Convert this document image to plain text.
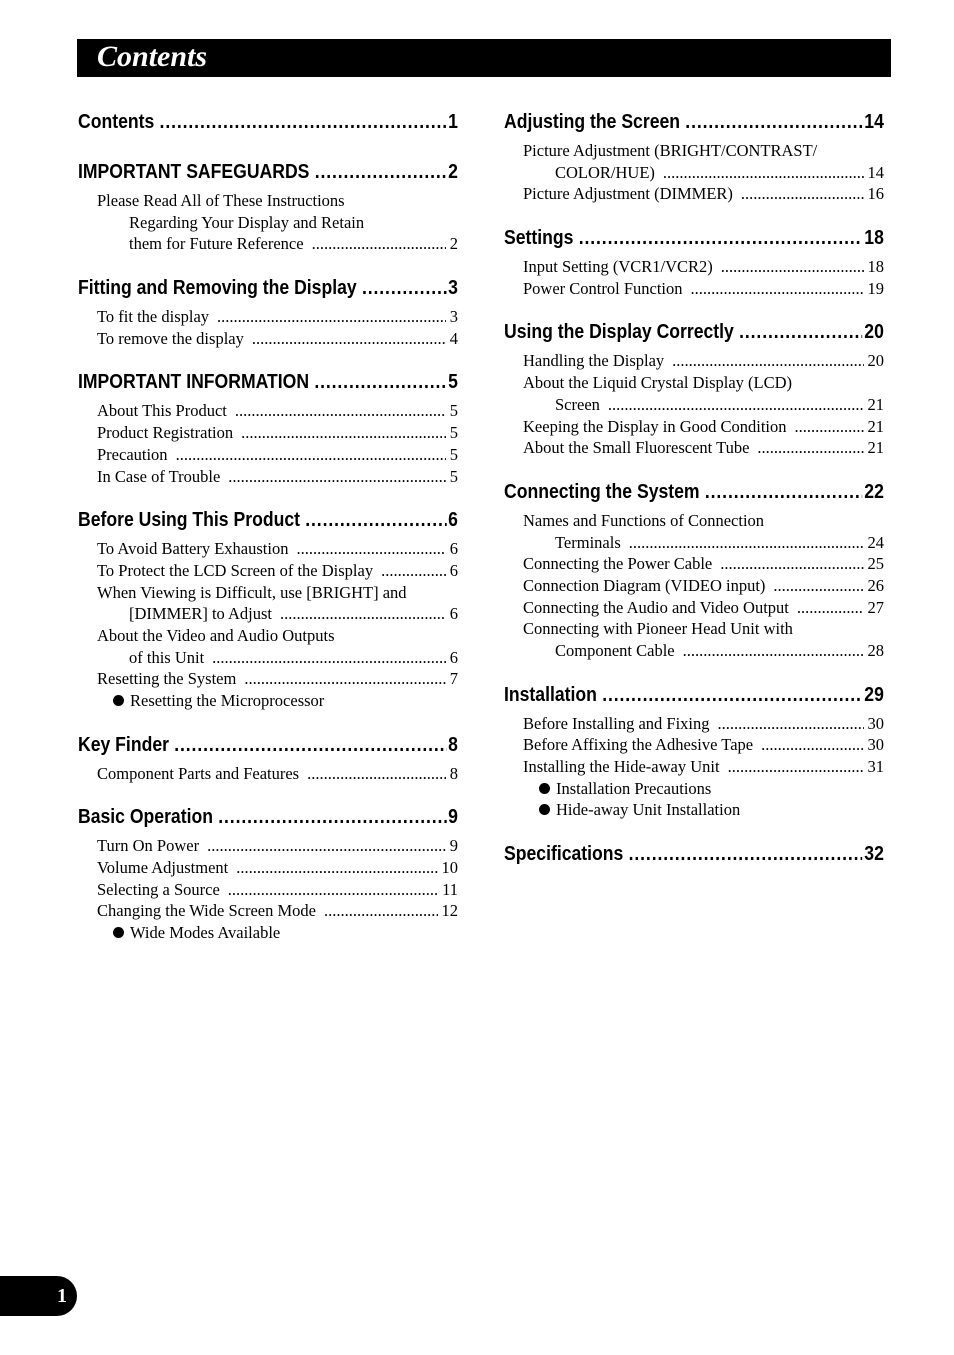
Contents
Contents .....	1
IMPORTANT SAFEGUARDS .....	2
Please Read All of These Instructions
Regarding Your Display and Retain
them for Future Reference .....	2
Fitting and Removing the Display .....	3
To fit the display .....	3
To remove the display .....	4
IMPORTANT INFORMATION .....	5
About This Product .....	5
Product Registration .....	5
Precaution .....	5
In Case of Trouble .....	5
Before Using This Product .....	6
To Avoid Battery Exhaustion .....	6
To Protect the LCD Screen of the Display .....	6
When Viewing is Difficult, use [BRIGHT] and
[DIMMER] to Adjust .....	6
About the Video and Audio Outputs
of this Unit .....	6
Resetting the System .....	7
Resetting the Microprocessor
Key Finder .....	8
Component Parts and Features .....	8
Basic Operation .....	9
Turn On Power .....	9
Volume Adjustment .....	10
Selecting a Source .....	11
Changing the Wide Screen Mode .....	12
Wide Modes Available
Adjusting the Screen .....	14
Picture Adjustment (BRIGHT/CONTRAST/
COLOR/HUE) .....	14
Picture Adjustment (DIMMER) .....	16
Settings .....	18
Input Setting (VCR1/VCR2) .....	18
Power Control Function .....	19
Using the Display Correctly .....	20
Handling the Display .....	20
About the Liquid Crystal Display (LCD)
Screen .....	21
Keeping the Display in Good Condition .....	21
About the Small Fluorescent Tube .....	21
Connecting the System .....	22
Names and Functions of Connection
Terminals .....	24
Connecting the Power Cable .....	25
Connection Diagram (VIDEO input) .....	26
Connecting the Audio and Video Output .....	27
Connecting with Pioneer Head Unit with
Component Cable .....	28
Installation .....	29
Before Installing and Fixing .....	30
Before Affixing the Adhesive Tape .....	30
Installing the Hide-away Unit .....	31
Installation Precautions
Hide-away Unit Installation
Specifications .....	32
1
